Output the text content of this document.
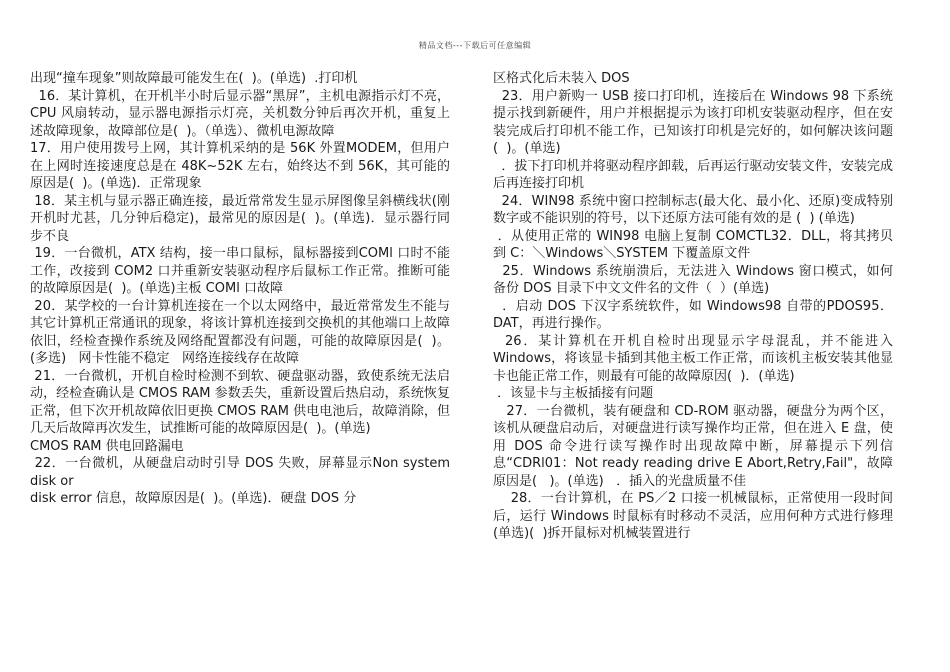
精品文档---下载后可任意编辑

出现“撞车现象”则故障最可能发生在(  )。(单选)  .打印机

16．某计算机，在开机半小时后显示器“黑屏”，主机电源指示灯不亮，CPU 风扇转动，显示器电源指示灯亮，关机数分钟后再次开机，重复上述故障现象，故障部位是(  )。（单选）、微机电源故障

17．用户使用拨号上网，其计算机采纳的是 56K 外置MODEM，但用户在上网时连接速度总是在 48K~52K 左右，始终达不到 56K，其可能的原因是(  )。(单选)．正常现象

18．某主机与显示器正确连接，最近常常发生显示屏图像呈斜横线状(刚开机时尤甚，几分钟后稳定)，最常见的原因是(  )。(单选)．显示器行同步不良

19．一台微机，ATX 结构，接一串口鼠标，鼠标器接到COMl 口时不能工作，改接到 COM2 口并重新安装驱动程序后鼠标工作正常。推断可能的故障原因是(  )。(单选)主板 COMl 口故障

20．某学校的一台计算机连接在一个以太网络中，最近常常发生不能与其它计算机正常通讯的现象，将该计算机连接到交换机的其他端口上故障依旧，经检查操作系统及网络配置都没有问题，可能的故障原因是(  )。(多选)   网卡性能不稳定   网络连接线存在故障

21．一台微机，开机自检时检测不到软、硬盘驱动器，致使系统无法启动，经检查确认是 CMOS RAM 参数丢失，重新设置后热启动，系统恢复正常，但下次开机故障依旧更换 CMOS RAM 供电电池后，故障消除，但几天后故障再次发生，试推断可能的故障原因是(  )。(单选)

CMOS RAM 供电回路漏电

22．一台微机，从硬盘启动时引导 DOS 失败，屏幕显示Non system disk or

disk error 信息，故障原因是(  )。(单选)．硬盘 DOS 分

区格式化后未装入 DOS

23．用户新购一 USB 接口打印机，连接后在 Windows 98 下系统提示找到新硬件，用户并根据提示为该打印机安装驱动程序，但在安装完成后打印机不能工作，已知该打印机是完好的，如何解决该问题(  )。(单选)

．拔下打印机并将驱动程序卸载，后再运行驱动安装文件，安装完成后再连接打印机

24．WIN98 系统中窗口控制标志(最大化、最小化、还原)变成特别数字或不能识别的符号，以下还原方法可能有效的是 (  ) (单选)

．从使用正常的 WIN98 电脑上复制 COMCTL32．DLL，将其拷贝到 C：＼Windows＼SYSTEM 下覆盖原文件

25．Windows 系统崩溃后，无法进入 Windows 窗口模式，如何备份 DOS 目录下中文文件名的文件（  ）(单选)

．启动 DOS 下汉字系统软件，如 Windows98 自带的PDOS95．DAT，再进行操作。

26．某计算机在开机自检时出现显示字母混乱，并不能进入 Windows，将该显卡插到其他主板工作正常，而该机主板安装其他显卡也能正常工作，则最有可能的故障原因(  )．(单选)

．该显卡与主板插接有问题

27．一台微机，装有硬盘和 CD-ROM 驱动器，硬盘分为两个区，该机从硬盘启动后，对硬盘进行读写操作均正常，但在进入 E 盘，使用 DOS 命令进行读写操作时出现故障中断，屏幕提示下列信息“CDRl01：Not ready reading drive E Abort,Retry,Fail"，故障原因是(   )。(单选)   ．插入的光盘质量不佳

28．一台计算机，在 PS／2 口接一机械鼠标，正常使用一段时间后，运行 Windows 时鼠标有时移动不灵活，应用何种方式进行修理(单选)(  )拆开鼠标对机械装置进行
